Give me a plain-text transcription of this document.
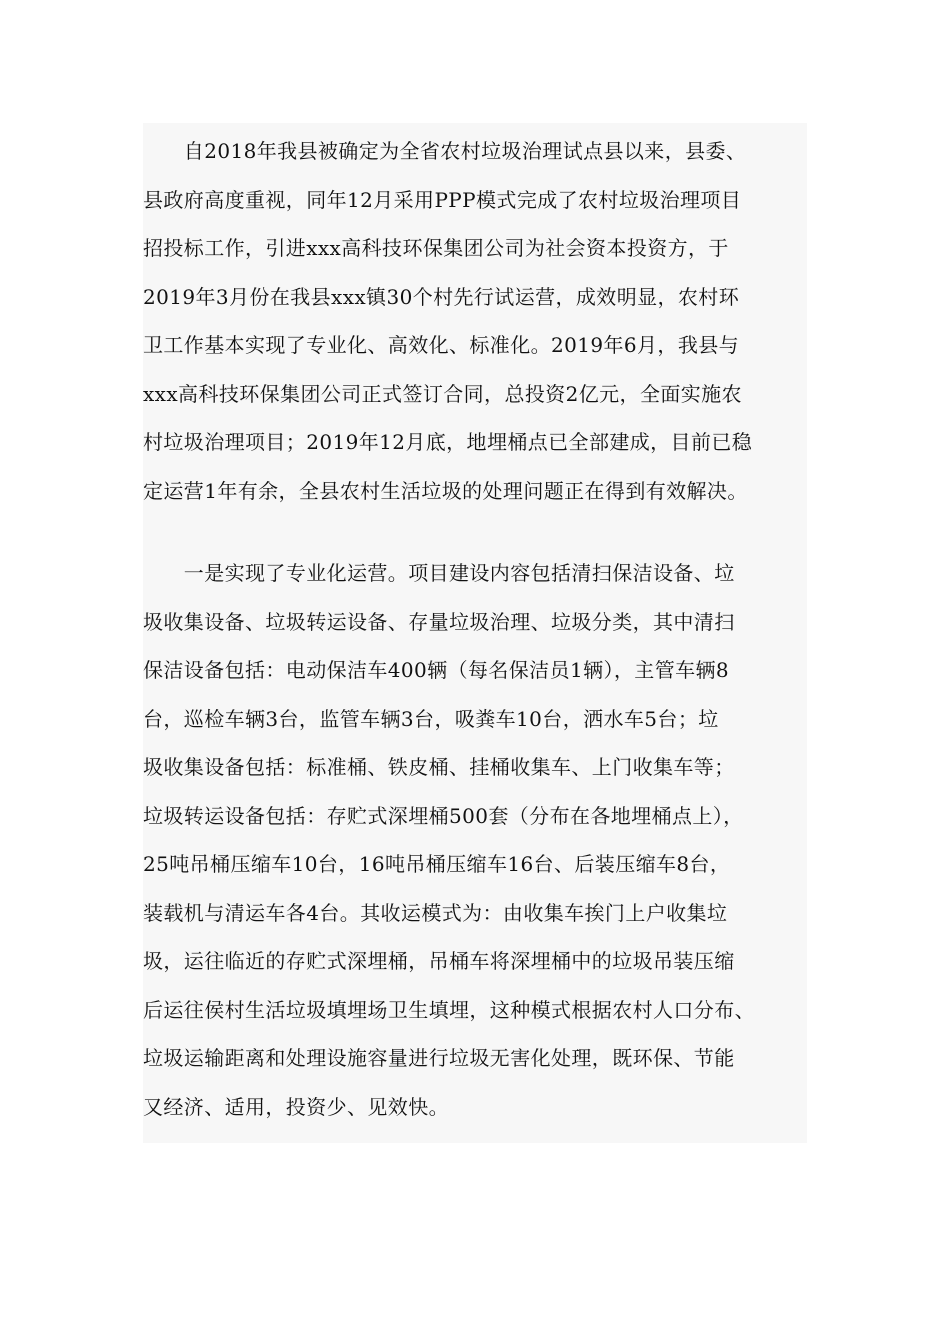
　　自2018年我县被确定为全省农村垃圾治理试点县以来，县委、
县政府高度重视，同年12月采用PPP模式完成了农村垃圾治理项目
招投标工作，引进xxx高科技环保集团公司为社会资本投资方，于
2019年3月份在我县xxx镇30个村先行试运营，成效明显，农村环
卫工作基本实现了专业化、高效化、标准化。2019年6月，我县与
xxx高科技环保集团公司正式签订合同，总投资2亿元，全面实施农
村垃圾治理项目；2019年12月底，地埋桶点已全部建成，目前已稳
定运营1年有余，全县农村生活垃圾的处理问题正在得到有效解决。
　　一是实现了专业化运营。项目建设内容包括清扫保洁设备、垃
圾收集设备、垃圾转运设备、存量垃圾治理、垃圾分类，其中清扫
保洁设备包括：电动保洁车400辆（每名保洁员1辆），主管车辆8
台，巡检车辆3台，监管车辆3台，吸粪车10台，洒水车5台；垃
圾收集设备包括：标准桶、铁皮桶、挂桶收集车、上门收集车等；
垃圾转运设备包括：存贮式深埋桶500套（分布在各地埋桶点上），
25吨吊桶压缩车10台，16吨吊桶压缩车16台、后装压缩车8台，
装载机与清运车各4台。其收运模式为：由收集车挨门上户收集垃
圾，运往临近的存贮式深埋桶，吊桶车将深埋桶中的垃圾吊装压缩
后运往侯村生活垃圾填埋场卫生填埋，这种模式根据农村人口分布、
垃圾运输距离和处理设施容量进行垃圾无害化处理，既环保、节能
又经济、适用，投资少、见效快。
